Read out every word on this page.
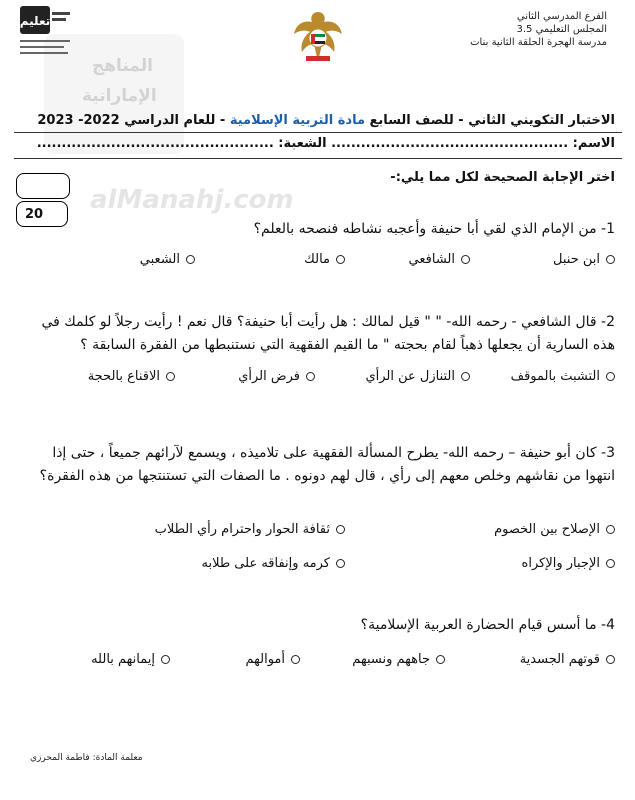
المناهج
الإماراتية
alManahj.com
تعليم	الفرع المدرسي الثاني
المجلس التعليمي 3.5
مدرسة الهجرة الحلقة الثانية بنات
الاختبار التكويني الثاني - للصف السابع مادة التربية الإسلامية - للعام الدراسي 2022- 2023
الاسم: ................................................ الشعبة: ................................................
اختر الإجابة الصحيحة لكل مما يلي:-
20
1- من الإمام الذي لقي أبا حنيفة وأعجبه نشاطه فنصحه بالعلم؟
ابن حنبل
الشافعي
مالك
الشعبي
2- قال الشافعي - رحمه الله- " " قيل لمالك : هل رأيت أبا حنيفة؟ قال نعم ! رأيت رجلاً لو كلمك في هذه السارية أن يجعلها ذهباً لقام بحجته " ما القيم الفقهية التي نستنبطها من الفقرة السابقة ؟
التشبث بالموقف
التنازل عن الرأي
فرض الرأي
الاقناع بالحجة
3- كان أبو حنيفة – رحمه الله- يطرح المسألة الفقهية على تلاميذه ، ويسمع لآرائهم جميعاً ، حتى إذا انتهوا من نقاشهم وخلص معهم إلى رأي ، قال لهم دونوه . ما الصفات التي تستنتجها من هذه الفقرة؟
الإصلاح بين الخصوم
ثقافة الحوار واحترام رأي الطلاب
الإجبار والإكراه
كرمه وإنفاقه على طلابه
4- ما أسس قيام الحضارة العربية الإسلامية؟
قوتهم الجسدية
جاههم ونسبهم
أموالهم
إيمانهم بالله
معلمة المادة: فاطمة المحرزي
